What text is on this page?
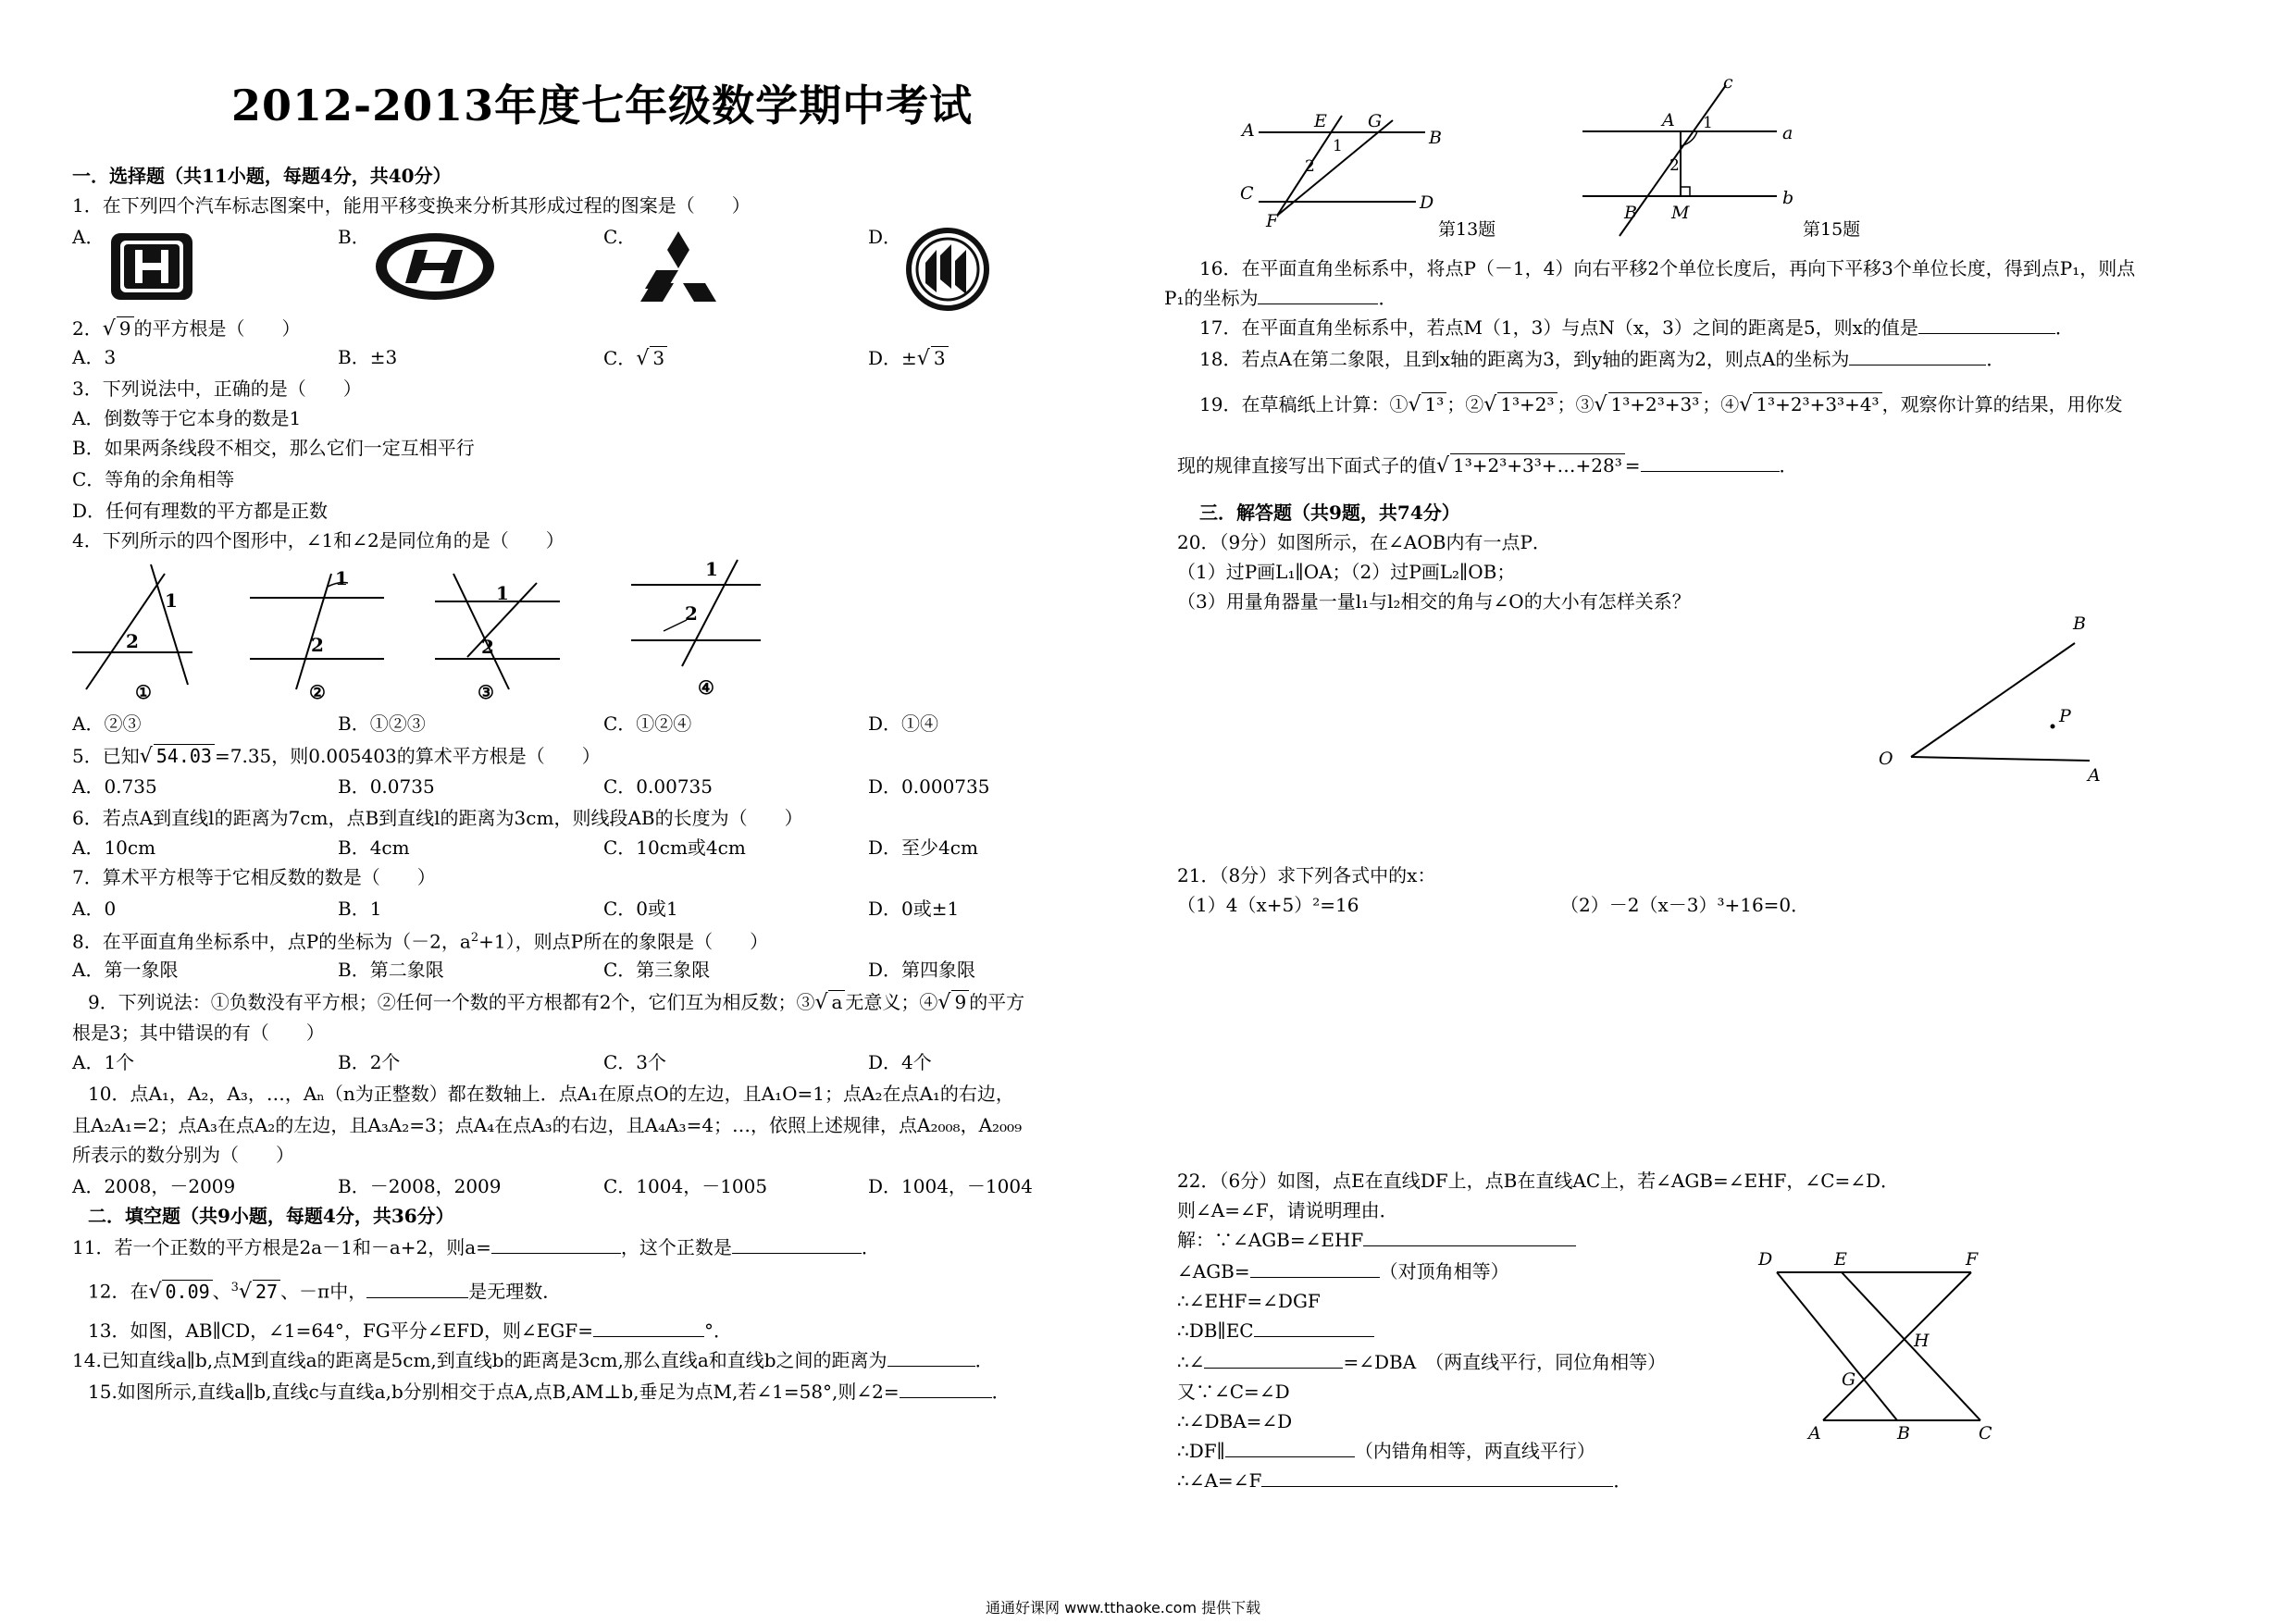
2012-2013年度七年级数学期中考试
一．选择题（共11小题，每题4分，共40分）
1．在下列四个汽车标志图案中，能用平移变换来分析其形成过程的图案是（　　）
A．	B．	C．	D．
2．√ 9 的平方根是（　　）
A．3	B．±3	C．√ 3	D．±√ 3
3．下列说法中，正确的是（　　）
A．倒数等于它本身的数是1
B．如果两条线段不相交，那么它们一定互相平行
C．等角的余角相等
D．任何有理数的平方都是正数
4．下列所示的四个图形中，∠1和∠2是同位角的是（　　）
1
2
①
1
2
②
1
2
③
1
2
④
A．②③	B．①②③	C．①②④	D．①④
5．已知√ 54.03 =7.35，则0.005403的算术平方根是（　　）
A．0.735	B．0.0735	C．0.00735	D．0.000735
6．若点A到直线l的距离为7cm，点B到直线l的距离为3cm，则线段AB的长度为（　　）
A．10cm	B．4cm	C．10cm或4cm	D．至少4cm
7．算术平方根等于它相反数的数是（　　）
A．0	B．1	C．0或1	D．0或±1
8．在平面直角坐标系中，点P的坐标为（－2，$a^2+1$），则点P所在的象限是（　　）
A．第一象限	B．第二象限	C．第三象限	D．第四象限
9．下列说法：①负数没有平方根；②任何一个数的平方根都有2个，它们互为相反数；③√ a 无意义；④√ 9 的平方
根是3；其中错误的有（　　）
A．1个	B．2个	C．3个	D．4个
10．点A₁，A₂，A₃，…，Aₙ（n为正整数）都在数轴上．点A₁在原点O的左边，且A₁O=1；点A₂在点A₁的右边，
且A₂A₁=2；点A₃在点A₂的左边，且A₃A₂=3；点A₄在点A₃的右边，且A₄A₃=4；…，依照上述规律，点A₂₀₀₈，A₂₀₀₉
所表示的数分别为（　　）
A．2008，－2009	B．－2008，2009	C．1004，－1005	D．1004，－1004
二．填空题（共9小题，每题4分，共36分）
11．若一个正数的平方根是2a－1和－a+2，则a=	，这个正数是	．
12．在√ 0.09 、$^3$√ 27 、－π中，	是无理数．
13．如图，AB∥CD，∠1=64°，FG平分∠EFD，则∠EGF=	°．
14.已知直线a∥b,点M到直线a的距离是5cm,到直线b的距离是3cm,那么直线a和直线b之间的距离为	．
15.如图所示,直线a∥b,直线c与直线a,b分别相交于点A,点B,AM⊥b,垂足为点M,若∠1=58°,则∠2=	．
A	E G
B
C
F
D
1
2
第13题
c
A 1	a
2
b
B M
第15题
16．在平面直角坐标系中，将点P（－1，4）向右平移2个单位长度后，再向下平移3个单位长度，得到点P₁，则点
P₁的坐标为	．
17．在平面直角坐标系中，若点M（1，3）与点N（x，3）之间的距离是5，则x的值是	．
18．若点A在第二象限，且到x轴的距离为3，到y轴的距离为2，则点A的坐标为	．
19．在草稿纸上计算：①√ 1³ ；②√ 1³+2³ ；③√ 1³+2³+3³ ；④√ 1³+2³+3³+4³ ，观察你计算的结果，用你发
现的规律直接写出下面式子的值√ 1³+2³+3³+…+28³ =	．
三．解答题（共9题，共74分）
20．（9分）如图所示，在∠AOB内有一点P．
（1）过P画L₁∥OA；（2）过P画L₂∥OB；
（3）用量角器量一量l₁与l₂相交的角与∠O的大小有怎样关系？
O
B
P
A
21．（8分）求下列各式中的x：
（1）4（x+5）²=16	（2）－2（x－3）³+16=0．
22．（6分）如图，点E在直线DF上，点B在直线AC上，若∠AGB=∠EHF，∠C=∠D．
则∠A=∠F，请说明理由．
解：∵∠AGB=∠EHF
∠AGB=	（对顶角相等）
∴∠EHF=∠DGF
∴DB∥EC
∴∠	=∠DBA　（两直线平行，同位角相等）
又∵∠C=∠D
∴∠DBA=∠D
∴DF∥	（内错角相等，两直线平行）
∴∠A=∠F	．
D	E	F
H
G
A	B	C
通通好课网 www.tthaoke.com 提供下载
